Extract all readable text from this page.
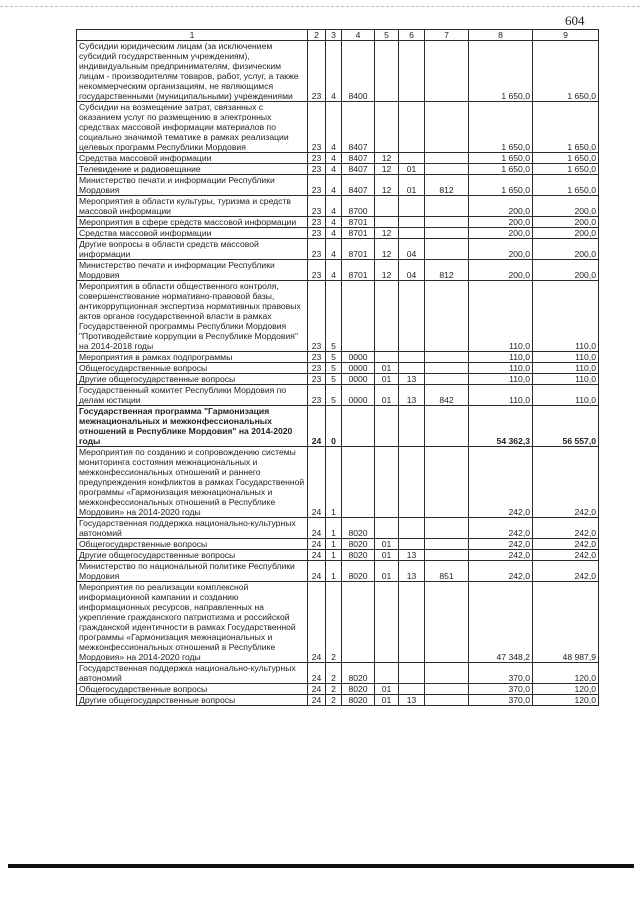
604
1	2	3	4	5	6	7	8	9
Субсидии юридическим лицам (за исключением субсидий государственным учреждениям), индивидуальным предпринимателям, физическим лицам - производителям товаров, работ, услуг, а также некоммерческим организациям, не являющимся государственными (муниципальными) учреждениями	23	4	8400				1 650,0	1 650,0
Субсидии на возмещение затрат, связанных с оказанием услуг по размещению в электронных средствах массовой информации материалов по социально значимой тематике в рамках реализации целевых программ Республики Мордовия	23	4	8407				1 650,0	1 650,0
Средства массовой информации	23	4	8407	12			1 650,0	1 650,0
Телевидение и радиовещание	23	4	8407	12	01		1 650,0	1 650,0
Министерство печати и информации Республики Мордовия	23	4	8407	12	01	812	1 650,0	1 650,0
Мероприятия в области культуры, туризма и средств массовой информации	23	4	8700				200,0	200,0
Мероприятия в сфере средств массовой информации	23	4	8701				200,0	200,0
Средства массовой информации	23	4	8701	12			200,0	200,0
Другие вопросы в области средств массовой информации	23	4	8701	12	04		200,0	200,0
Министерство печати и информации Республики Мордовия	23	4	8701	12	04	812	200,0	200,0
Мероприятия в области общественного контроля, совершенствование нормативно-правовой базы, антикоррупционная экспертиза нормативных правовых актов органов государственной власти в рамках Государственной программы Республики Мордовия "Противодействие коррупции в Республике Мордовия" на 2014-2018 годы	23	5					110,0	110,0
Мероприятия в рамках подпрограммы	23	5	0000				110,0	110,0
Общегосударственные вопросы	23	5	0000	01			110,0	110,0
Другие общегосударственные вопросы	23	5	0000	01	13		110,0	110,0
Государственный комитет Республики Мордовия по делам юстиции	23	5	0000	01	13	842	110,0	110,0
Государственная программа "Гармонизация межнациональных и межконфессиональных отношений в Республике Мордовия" на 2014-2020 годы	24	0					54 362,3	56 557,0
Мероприятия по созданию и сопровождению системы мониторинга состояния межнациональных и межконфессиональных отношений и раннего предупреждения конфликтов в рамках Государственной программы «Гармонизация межнациональных и межконфессиональных отношений в Республике Мордовия» на 2014-2020 годы	24	1					242,0	242,0
Государственная поддержка национально-культурных автономий	24	1	8020				242,0	242,0
Общегосударственные вопросы	24	1	8020	01			242,0	242,0
Другие общегосударственные вопросы	24	1	8020	01	13		242,0	242,0
Министерство по национальной политике Республики Мордовия	24	1	8020	01	13	851	242,0	242,0
Мероприятия по реализации комплексной информационной кампании и созданию информационных ресурсов, направленных на укрепление гражданского патриотизма и российской гражданской идентичности в рамках Государственной программы «Гармонизация межнациональных и межконфессиональных отношений в Республике Мордовия» на 2014-2020 годы	24	2					47 348,2	48 987,9
Государственная поддержка национально-культурных автономий	24	2	8020				370,0	120,0
Общегосударственные вопросы	24	2	8020	01			370,0	120,0
Другие общегосударственные вопросы	24	2	8020	01	13		370,0	120,0
